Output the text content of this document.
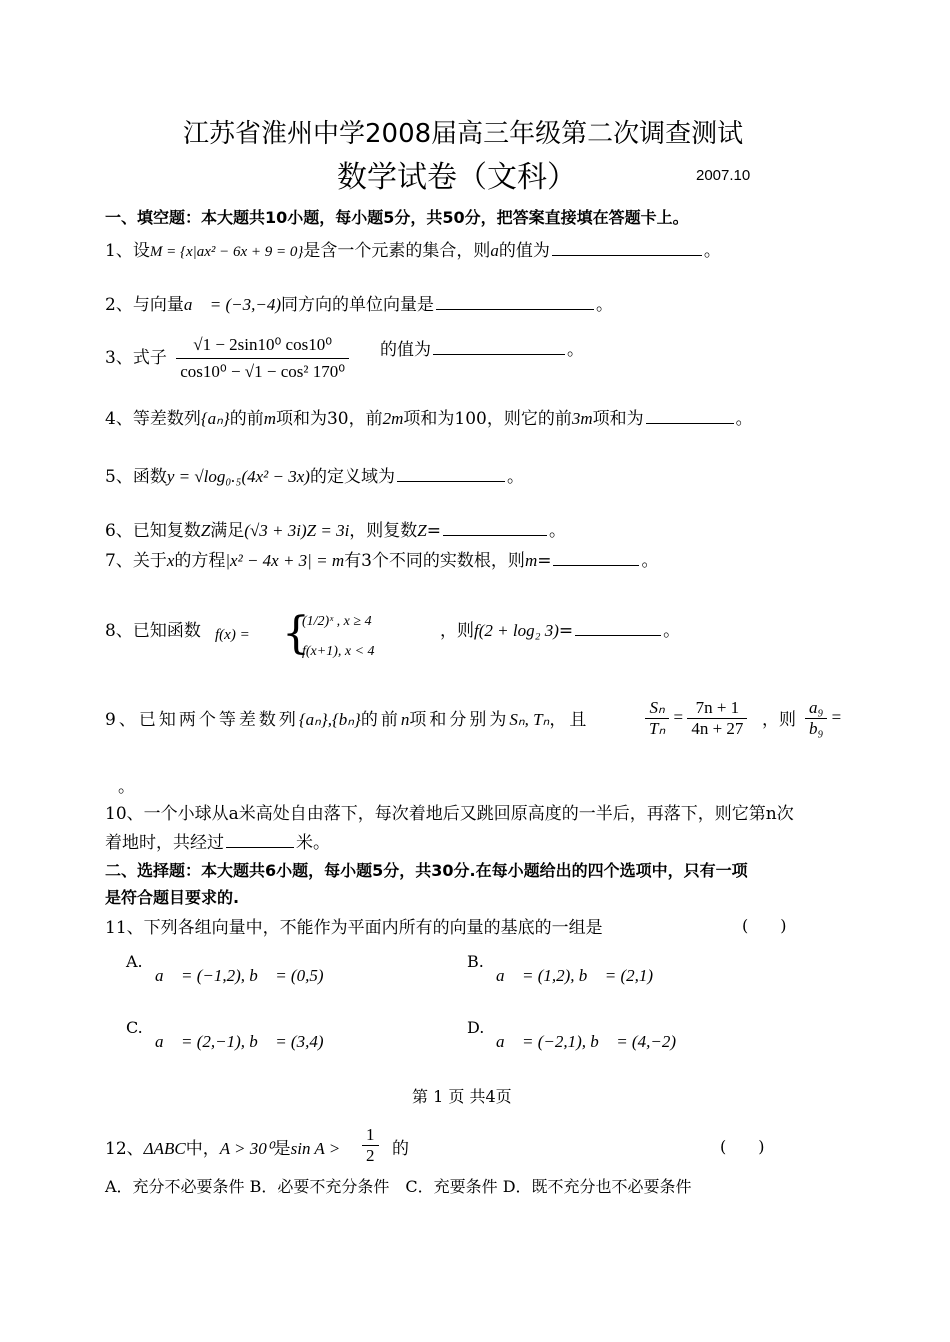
江苏省淮州中学2008届高三年级第二次调查测试
数学试卷（文科）	2007.10
一、填空题：本大题共10小题，每小题5分，共50分，把答案直接填在答题卡上。
1、设M = {x|ax² − 6x + 9 = 0}是含一个元素的集合，则a的值为	。
2、与向量a⃗ = (−3,−4)同方向的单位向量是	。
3、式子 $\frac{\text{√1 − 2sin10⁰ cos10⁰}}{\text{cos10⁰ − √1 − cos² 170⁰}}$ 的值为	。
4、等差数列{aₙ}的前m项和为30，前2m项和为100，则它的前3m项和为	。
5、函数y = √log₀.₅(4x² − 3x)的定义域为	。
6、已知复数Z满足(√3 + 3i)Z = 3i，则复数Z=	。
7、关于x的方程|x² − 4x + 3| = m有3个不同的实数根，则m=	。
8、已知函数 f(x) = {
(1/2)ˣ , x ≥ 4
f(x+1), x < 4
，则f(2 + log₂ 3)=	。
9、已知两个等差数列{aₙ},{bₙ}的前n项和分别为Sₙ, Tₙ，且	$\frac{\text{Sₙ}}{\text{Tₙ}} = \frac{7n + 1}{4n + 27}$ ，则 $\frac{\text{a₉}}{\text{b₉}}$ =
。
10、一个小球从a米高处自由落下，每次着地后又跳回原高度的一半后，再落下，则它第n次
着地时，共经过	米。
二、选择题：本大题共6小题，每小题5分，共30分.在每小题给出的四个选项中，只有一项
是符合题目要求的.
11、下列各组向量中，不能作为平面内所有的向量的基底的一组是	(　　)
A.
a⃗ = (−1,2), b⃗ = (0,5)
B.
a⃗ = (1,2), b⃗ = (2,1)
C.
a⃗ = (2,−1), b⃗ = (3,4)
D.
a⃗ = (−2,1), b⃗ = (4,−2)
第 1 页 共4页
12、ΔABC中，A > 30⁰是$\sin A > \frac{1}{2}$ 的	(　　)
A．充分不必要条件 B．必要不充分条件　C．充要条件 D．既不充分也不必要条件
